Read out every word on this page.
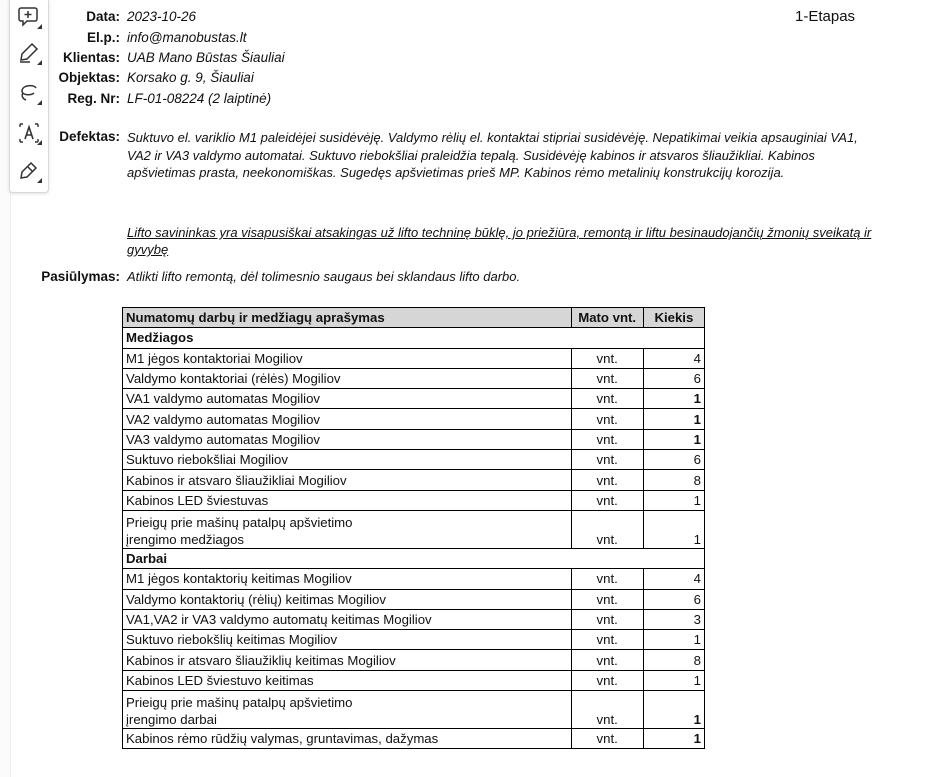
1-Etapas
Data: 2023-10-26
El.p.: info@manobustas.lt
Klientas: UAB Mano Būstas Šiauliai
Objektas: Korsako g. 9, Šiauliai
Reg. Nr: LF-01-08224 (2 laiptinė)
Defektas: Suktuvo el. variklio M1 paleidėjei susidėvėję. Valdymo rėlių el. kontaktai stipriai susidėvėję. Nepatikimai veikia apsauginiai VA1, VA2 ir VA3 valdymo automatai. Suktuvo riebokšliai praleidžia tepalą. Susidėvėję kabinos ir atsvaros šliaužikliai. Kabinos apšvietimas prasta, neekonomiškas. Sugedęs apšvietimas prieš MP. Kabinos rėmo metalinių konstrukcijų korozija.
Lifto savininkas yra visapusiškai atsakingas už lifto techninę būklę, jo priežiūra, remontą ir liftu besinaudojančių žmonių sveikatą ir gyvybę
Pasiūlymas: Atlikti lifto remontą, dėl tolimesnio saugaus bei sklandaus lifto darbo.
Numatomų darbų ir medžiagų aprašymas	Mato vnt.	Kiekis
Medžiagos		
M1 jėgos kontaktoriai Mogiliov	vnt.	4
Valdymo kontaktoriai (rėlės) Mogiliov	vnt.	6
VA1 valdymo automatas Mogiliov	vnt.	1
VA2 valdymo automatas Mogiliov	vnt.	1
VA3 valdymo automatas Mogiliov	vnt.	1
Suktuvo riebokšliai Mogiliov	vnt.	6
Kabinos ir atsvaro šliaužikliai Mogiliov	vnt.	8
Kabinos LED šviestuvas	vnt.	1
Prieigų prie mašinų patalpų apšvietimo
įrengimo medžiagos	vnt.	1
Darbai		
M1 jėgos kontaktorių keitimas Mogiliov	vnt.	4
Valdymo kontaktorių (rėlių) keitimas Mogiliov	vnt.	6
VA1,VA2 ir VA3 valdymo automatų keitimas Mogiliov	vnt.	3
Suktuvo riebokšlių keitimas Mogiliov	vnt.	1
Kabinos ir atsvaro šliaužiklių keitimas Mogiliov	vnt.	8
Kabinos LED šviestuvo keitimas	vnt.	1
Prieigų prie mašinų patalpų apšvietimo
įrengimo darbai	vnt.	1
Kabinos rėmo rūdžių valymas, gruntavimas, dažymas	vnt.	1
